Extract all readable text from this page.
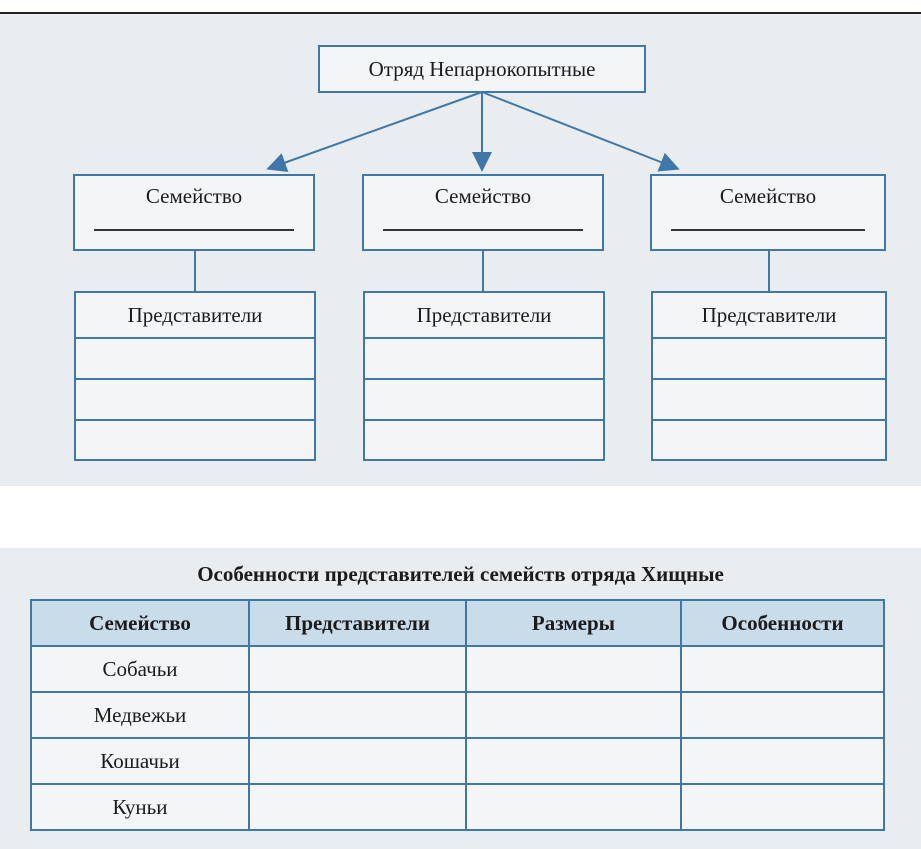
Отряд Непарнокопытные
Семейство	Семейство	Семейство
Представители	Представители	Представители
Особенности представителей семейств отряда Хищные
Семейство	Представители	Размеры	Особенности
Собачьи			
Медвежьи			
Кошачьи			
Куньи			
